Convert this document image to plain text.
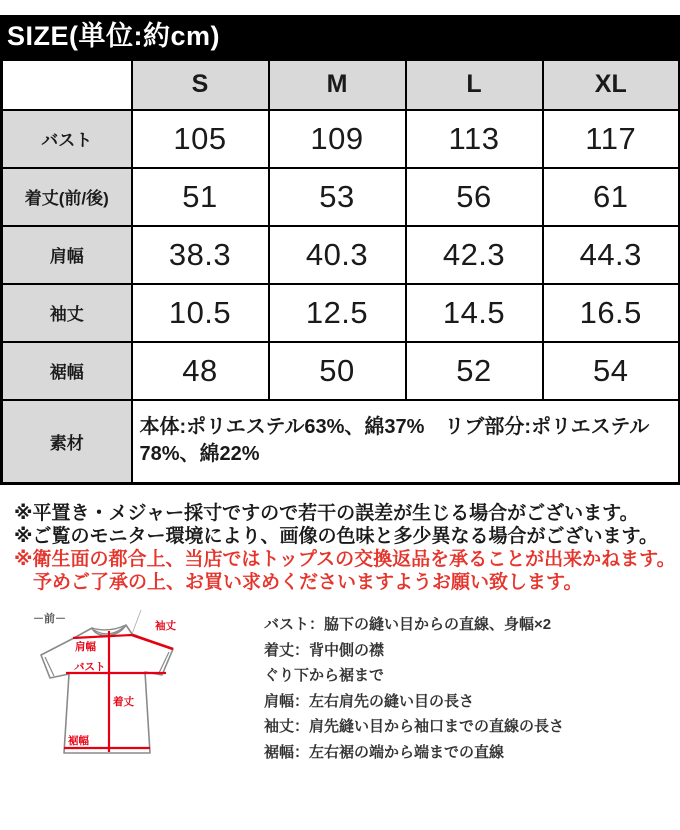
SIZE(単位:約cm)
	S	M	L	XL
バスト	105	109	113	117
着丈(前/後)	51	53	56	61
肩幅	38.3	40.3	42.3	44.3
袖丈	10.5	12.5	14.5	16.5
裾幅	48	50	52	54
素材	本体:ポリエステル63%、綿37%　リブ部分:ポリエステル78%、綿22%			
※平置き・メジャー採寸ですので若干の誤差が生じる場合がございます。
※ご覧のモニター環境により、画像の色味と多少異なる場合がございます。
※衛生面の都合上、当店ではトップスの交換返品を承ることが出来かねます。
　予めご了承の上、お買い求めくださいますようお願い致します。
－前－
肩幅
袖丈
バスト
着丈
裾幅
バスト：脇下の縫い目からの直線、身幅×2
着丈：背中側の襟
ぐり下から裾まで
肩幅：左右肩先の縫い目の長さ
袖丈：肩先縫い目から袖口までの直線の長さ
裾幅：左右裾の端から端までの直線
